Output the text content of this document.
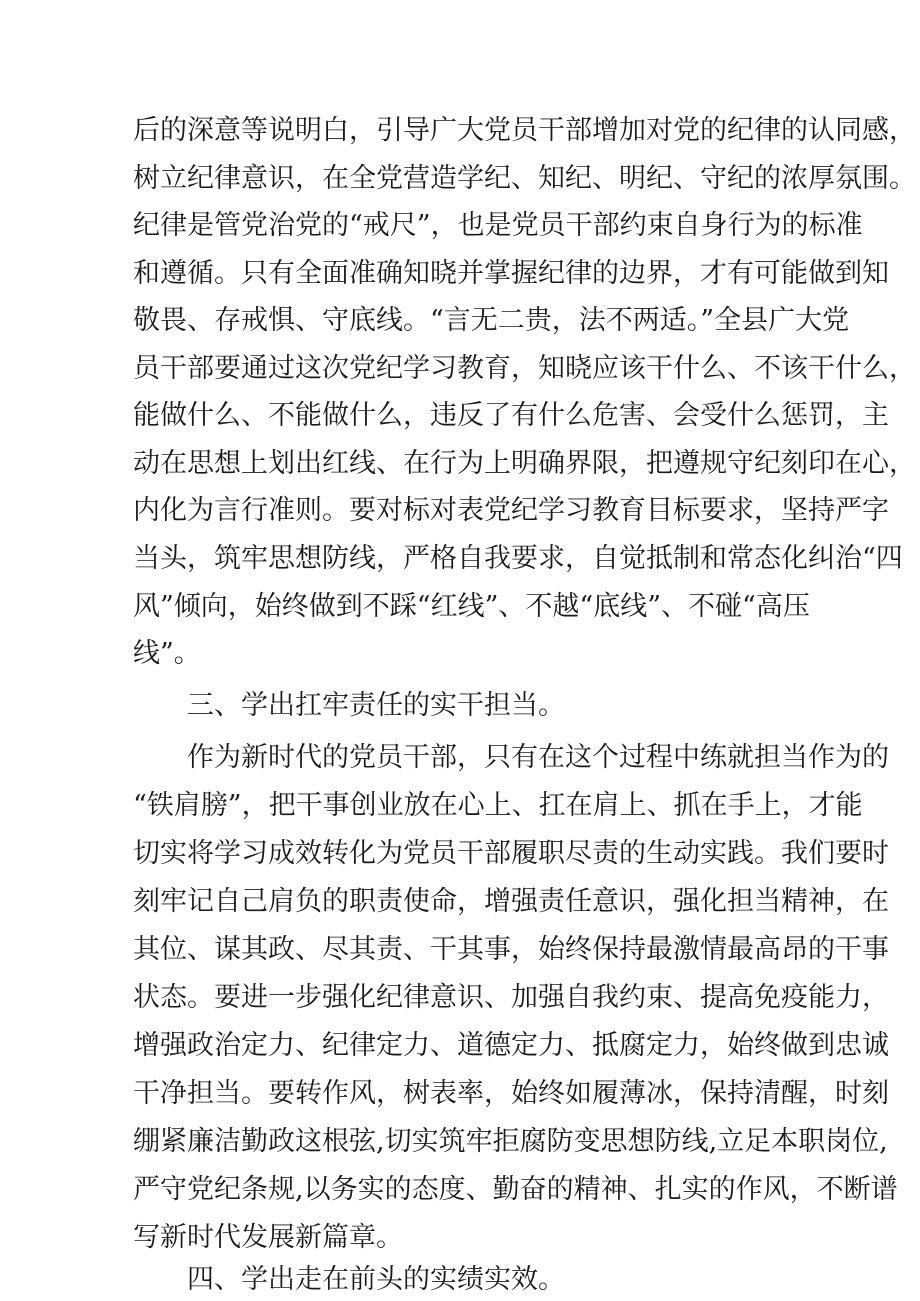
后的深意等说明白，引导广大党员干部增加对党的纪律的认同感，
树立纪律意识，在全党营造学纪、知纪、明纪、守纪的浓厚氛围。
纪律是管党治党的“戒尺”，也是党员干部约束自身行为的标准
和遵循。只有全面准确知晓并掌握纪律的边界，才有可能做到知
敬畏、存戒惧、守底线。“言无二贵，法不两适。”全县广大党
员干部要通过这次党纪学习教育，知晓应该干什么、不该干什么，
能做什么、不能做什么，违反了有什么危害、会受什么惩罚，主
动在思想上划出红线、在行为上明确界限，把遵规守纪刻印在心，
内化为言行准则。要对标对表党纪学习教育目标要求，坚持严字
当头，筑牢思想防线，严格自我要求，自觉抵制和常态化纠治“四
风”倾向，始终做到不踩“红线”、不越“底线”、不碰“高压
线”。
三、学出扛牢责任的实干担当。
作为新时代的党员干部，只有在这个过程中练就担当作为的
“铁肩膀”，把干事创业放在心上、扛在肩上、抓在手上，才能
切实将学习成效转化为党员干部履职尽责的生动实践。我们要时
刻牢记自己肩负的职责使命，增强责任意识，强化担当精神，在
其位、谋其政、尽其责、干其事，始终保持最激情最高昂的干事
状态。要进一步强化纪律意识、加强自我约束、提高免疫能力，
增强政治定力、纪律定力、道德定力、抵腐定力，始终做到忠诚
干净担当。要转作风，树表率，始终如履薄冰，保持清醒，时刻
绷紧廉洁勤政这根弦,切实筑牢拒腐防变思想防线,立足本职岗位,
严守党纪条规,以务实的态度、勤奋的精神、扎实的作风，不断谱
写新时代发展新篇章。
四、学出走在前头的实绩实效。
